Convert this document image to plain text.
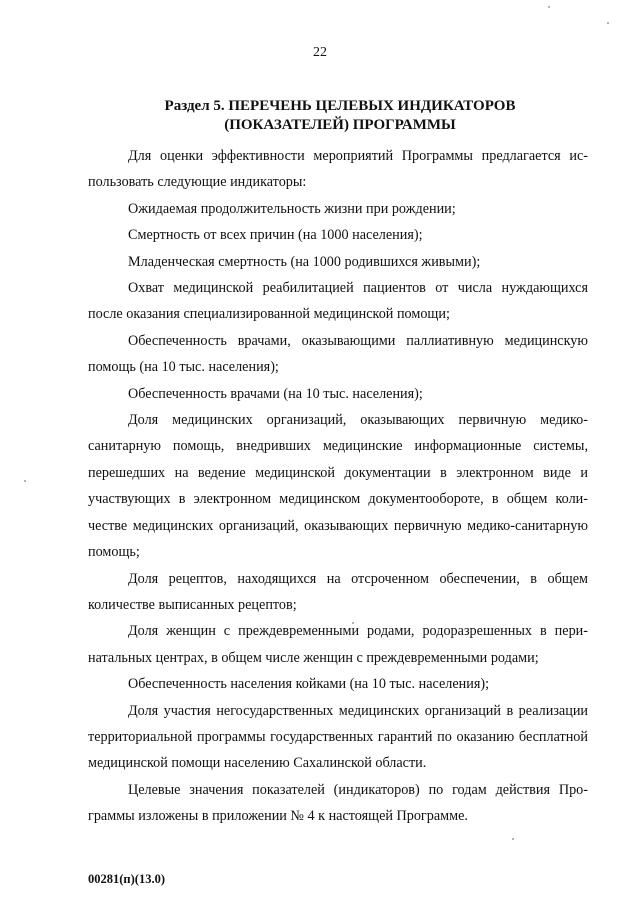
22
Раздел 5. ПЕРЕЧЕНЬ ЦЕЛЕВЫХ ИНДИКАТОРОВ
(ПОКАЗАТЕЛЕЙ) ПРОГРАММЫ

Для оценки эффективности мероприятий Программы предлагается использовать следующие индикаторы:

Ожидаемая продолжительность жизни при рождении;

Смертность от всех причин (на 1000 населения);

Младенческая смертность (на 1000 родившихся живыми);

Охват медицинской реабилитацией пациентов от числа нуждающихся после оказания специализированной медицинской помощи;

Обеспеченность врачами, оказывающими паллиативную медицинскую помощь (на 10 тыс. населения);

Обеспеченность врачами (на 10 тыс. населения);

Доля медицинских организаций, оказывающих первичную медико-санитарную помощь, внедривших медицинские информационные системы, перешедших на ведение медицинской документации в электронном виде и участвующих в электронном медицинском документообороте, в общем количестве медицинских организаций, оказывающих первичную медико-санитарную помощь;

Доля рецептов, находящихся на отсроченном обеспечении, в общем количестве выписанных рецептов;

Доля женщин с преждевременными родами, родоразрешенных в перинатальных центрах, в общем числе женщин с преждевременными родами;

Обеспеченность населения койками (на 10 тыс. населения);

Доля участия негосударственных медицинских организаций в реализации территориальной программы государственных гарантий по оказанию бесплатной медицинской помощи населению Сахалинской области.

Целевые значения показателей (индикаторов) по годам действия Программы изложены в приложении № 4 к настоящей Программе.

00281(п)(13.0)
